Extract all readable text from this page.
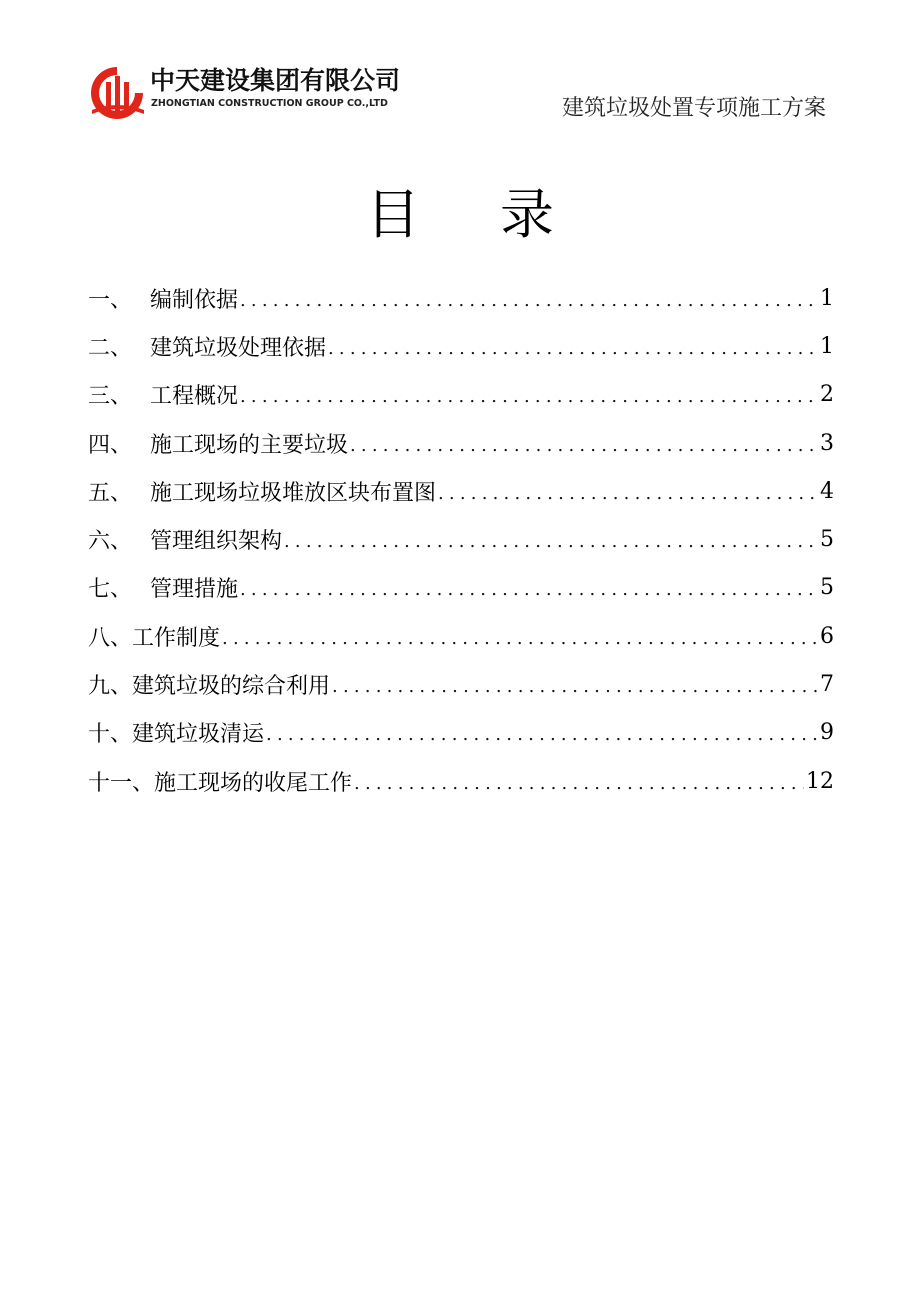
中天建设集团有限公司
ZHONGTIAN CONSTRUCTION GROUP CO.,LTD	建筑垃圾处置专项施工方案
目 录
一、 编制依据 .....	1
二、 建筑垃圾处理依据 .....	1
三、 工程概况 .....	2
四、 施工现场的主要垃圾 .....	3
五、 施工现场垃圾堆放区块布置图 .....	4
六、 管理组织架构 .....	5
七、 管理措施 .....	5
八、 工作制度 .....	6
九、 建筑垃圾的综合利用 .....	7
十、 建筑垃圾清运 .....	9
十一、 施工现场的收尾工作 .....	12
